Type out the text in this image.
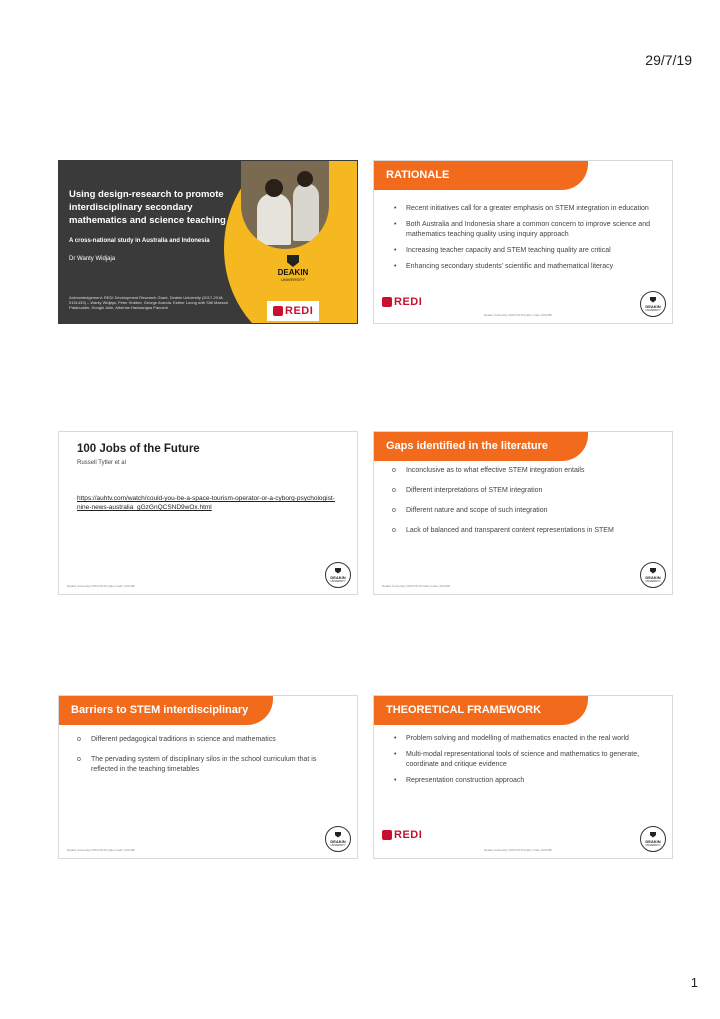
29/7/19
Using design-research to promote interdisciplinary secondary mathematics and science teaching
A cross-national study in Australia and Indonesia
Dr Wanty Widjaja
Acknowledgement: REDI Development Research Grant, Deakin University (2017-2018; 5151433) – Wanty Widjaja, Peter Hubber, George Aranda, Esther Loong with Sitti Maesuri Patahuddin, Hongki Julie, Albertus Hariwangsa Panuluh
DEAKIN
UNIVERSITY
REDI
RATIONALE
• Recent initiatives call for a greater emphasis on STEM integration in education
• Both Australia and Indonesia share a common concern to improve science and mathematics teaching quality using inquiry approach
• Increasing teacher capacity and STEM teaching quality are critical
• Enhancing secondary students’ scientific and mathematical literacy
REDI
Deakin University CRICOS Provider Code: 00113B
DEAKIN
UNIVERSITY
100 Jobs of the Future
Russell Tytler et al
https://auhtv.com/watch/could-you-be-a-space-tourism-operator-or-a-cyborg-psychologist-nine-news-australia_gGzGnQCSND9wOx.html
Deakin University CRICOS Provider Code: 00113B
DEAKIN
UNIVERSITY
Gaps identified in the literature
o Inconclusive as to what effective STEM integration entails
o Different interpretations of STEM integration
o Different nature and scope of such integration
o Lack of balanced and transparent content representations in STEM
Deakin University CRICOS Provider Code: 00113B
DEAKIN
UNIVERSITY
Barriers to STEM interdisciplinary
o Different pedagogical traditions in science and mathematics
o The pervading system of disciplinary silos in the school curriculum that is reflected in the teaching timetables
Deakin University CRICOS Provider Code: 00113B
DEAKIN
UNIVERSITY
THEORETICAL FRAMEWORK
• Problem solving and modelling of mathematics enacted in the real world
• Multi-modal representational tools of science and mathematics to generate, coordinate and critique evidence
• Representation construction approach
REDI
Deakin University CRICOS Provider Code: 00113B
DEAKIN
UNIVERSITY
1
